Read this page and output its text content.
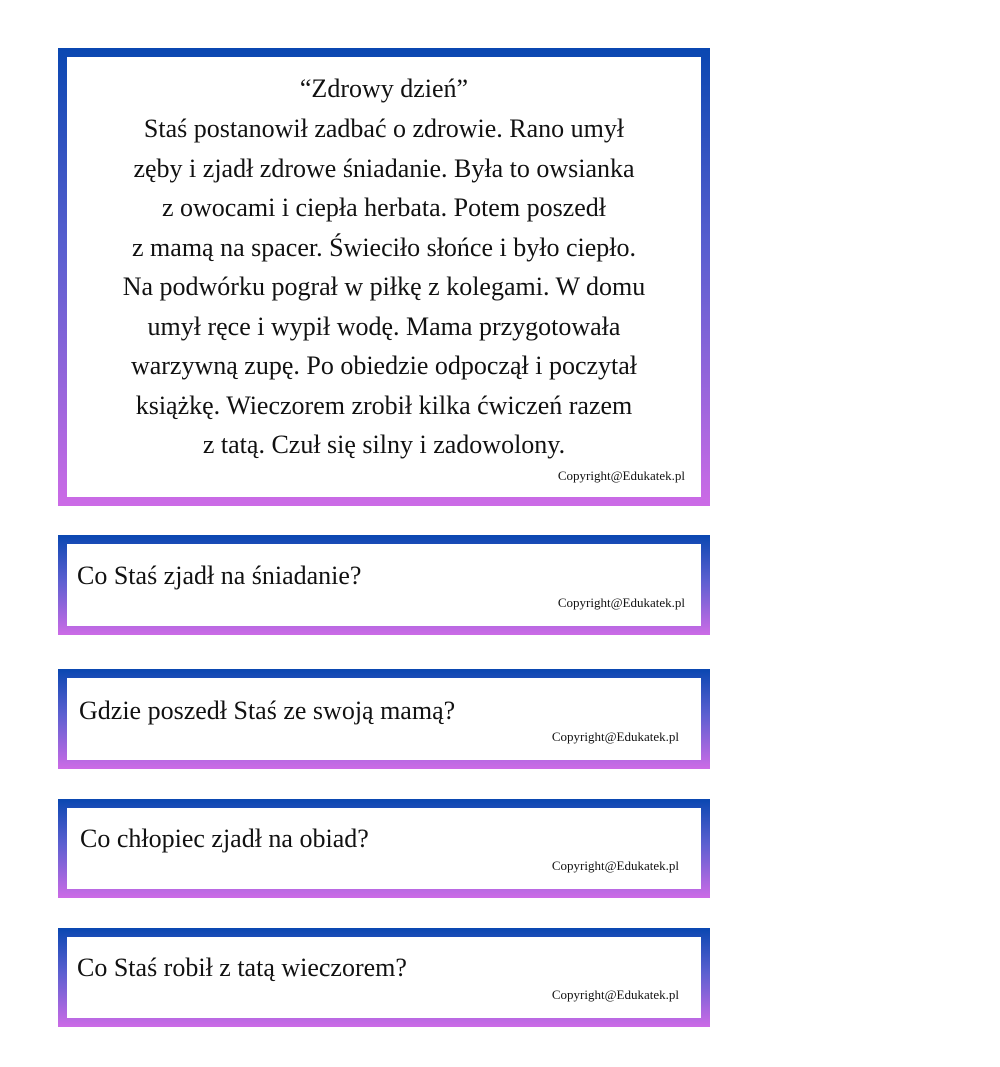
“Zdrowy dzień”
Staś postanowił zadbać o zdrowie. Rano umył
zęby i zjadł zdrowe śniadanie. Była to owsianka
z owocami i ciepła herbata. Potem poszedł
z mamą na spacer. Świeciło słońce i było ciepło.
Na podwórku pograł w piłkę z kolegami. W domu
umył ręce i wypił wodę. Mama przygotowała
warzywną zupę. Po obiedzie odpoczął i poczytał
książkę. Wieczorem zrobił kilka ćwiczeń razem
z tatą. Czuł się silny i zadowolony.
Copyright@Edukatek.pl
Co Staś zjadł na śniadanie?
Copyright@Edukatek.pl
Gdzie poszedł Staś ze swoją mamą?
Copyright@Edukatek.pl
Co chłopiec zjadł na obiad?
Copyright@Edukatek.pl
Co Staś robił z tatą wieczorem?
Copyright@Edukatek.pl
